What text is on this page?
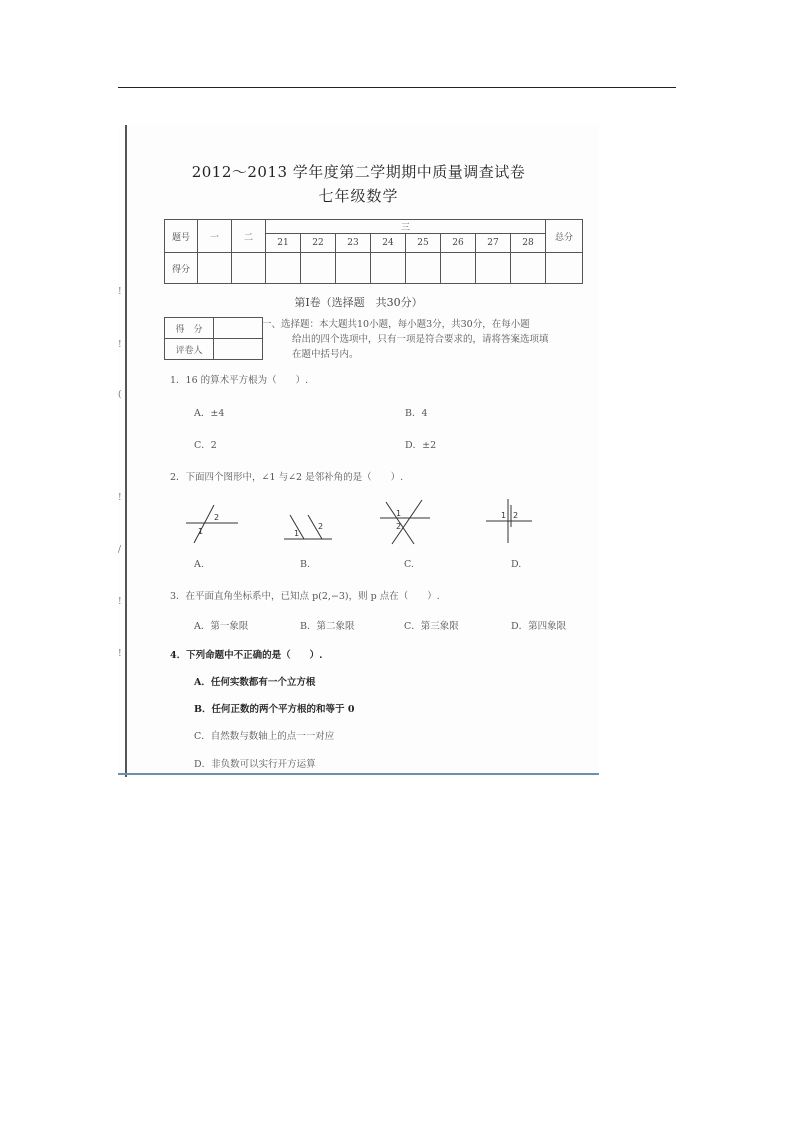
!
!
(
!
/
!
!
2012～2013 学年度第二学期期中质量调查试卷
七年级数学
题号	一	二	三								总分
			21	22	23	24	25	26	27	28	
得分											
第Ⅰ卷（选择题　共30分）
得　分	
评卷人	
一、选择题：本大题共10小题，每小题3分，共30分，在每小题
给出的四个选项中，只有一项是符合要求的，请将答案选项填
在题中括号内。
1．16 的算术平方根为（　　）.
A．±4	B．4
C．2	D．±2
2．下面四个图形中，∠1 与∠2 是邻补角的是（　　）.
1
2
1
2
1
2
1 2
A.	B.	C.	D.
3．在平面直角坐标系中，已知点 p(2,−3)，则 p 点在（　　）.
A．第一象限	B．第二象限	C．第三象限	D．第四象限
4．下列命题中不正确的是（　　）.
A．任何实数都有一个立方根
B．任何正数的两个平方根的和等于 0
C．自然数与数轴上的点一一对应
D．非负数可以实行开方运算
